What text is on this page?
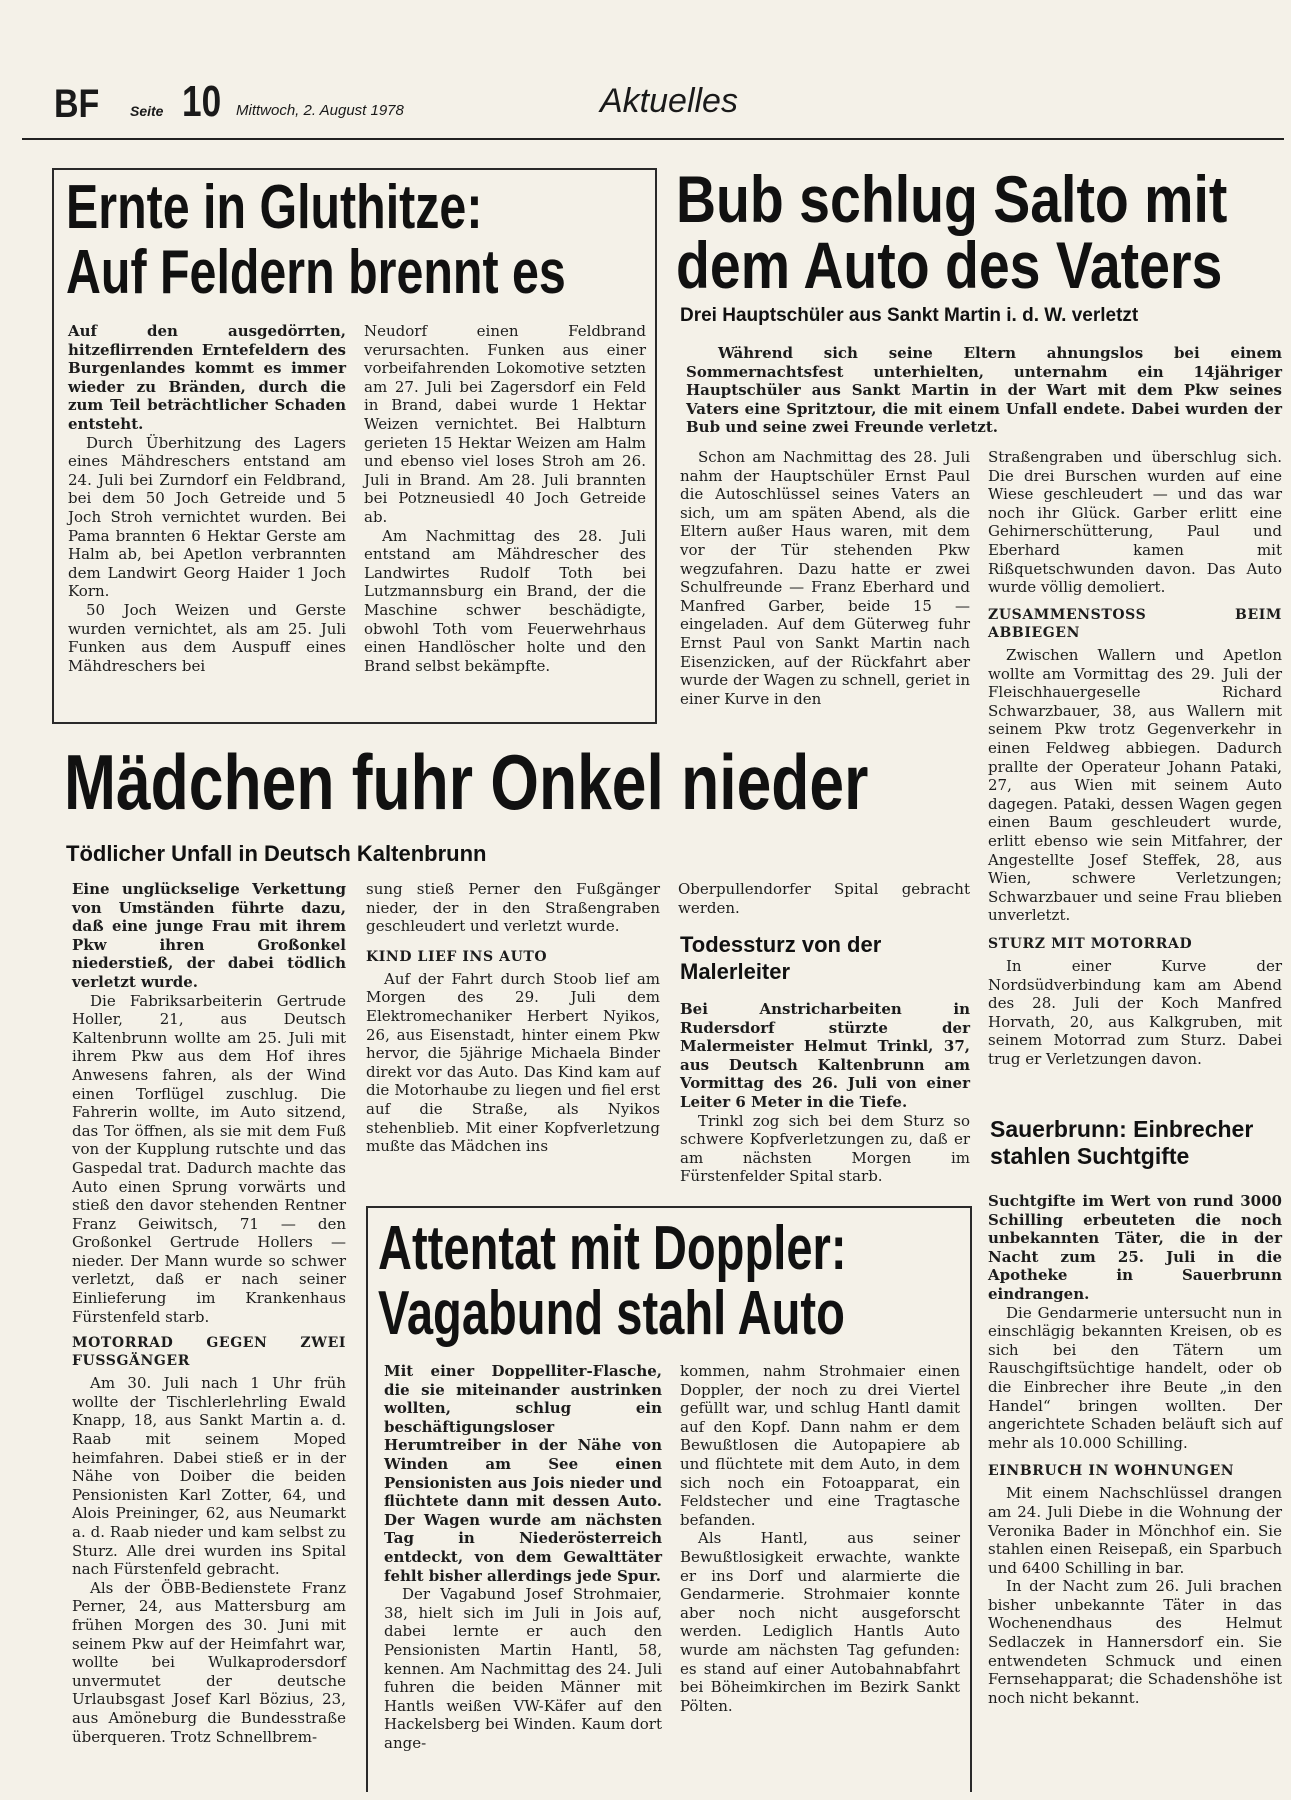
BF Seite 10 Mittwoch, 2. August 1978	Aktuelles
Ernte in Gluthitze:
Auf Feldern brennt es

Auf den ausgedörrten, hitzeflirrenden Erntefeldern des Burgenlandes kommt es immer wieder zu Bränden, durch die zum Teil beträchtlicher Schaden entsteht.

Durch Überhitzung des Lagers eines Mähdreschers entstand am 24. Juli bei Zurndorf ein Feldbrand, bei dem 50 Joch Getreide und 5 Joch Stroh vernichtet wurden. Bei Pama brannten 6 Hektar Gerste am Halm ab, bei Apetlon verbrannten dem Landwirt Georg Haider 1 Joch Korn.

50 Joch Weizen und Gerste wurden vernichtet, als am 25. Juli Funken aus dem Auspuff eines Mähdreschers bei

Neudorf einen Feldbrand verursachten. Funken aus einer vorbeifahrenden Lokomotive setzten am 27. Juli bei Zagersdorf ein Feld in Brand, dabei wurde 1 Hektar Weizen vernichtet. Bei Halbturn gerieten 15 Hektar Weizen am Halm und ebenso viel loses Stroh am 26. Juli in Brand. Am 28. Juli brannten bei Potzneusiedl 40 Joch Getreide ab.

Am Nachmittag des 28. Juli entstand am Mähdrescher des Landwirtes Rudolf Toth bei Lutzmannsburg ein Brand, der die Maschine schwer beschädigte, obwohl Toth vom Feuerwehrhaus einen Handlöscher holte und den Brand selbst bekämpfte.

Bub schlug Salto mit
dem Auto des Vaters
Drei Hauptschüler aus Sankt Martin i. d. W. verletzt

Während sich seine Eltern ahnungslos bei einem Sommernachtsfest unterhielten, unternahm ein 14jähriger Hauptschüler aus Sankt Martin in der Wart mit dem Pkw seines Vaters eine Spritztour, die mit einem Unfall endete. Dabei wurden der Bub und seine zwei Freunde verletzt.

Schon am Nachmittag des 28. Juli nahm der Hauptschüler Ernst Paul die Autoschlüssel seines Vaters an sich, um am späten Abend, als die Eltern außer Haus waren, mit dem vor der Tür stehenden Pkw wegzufahren. Dazu hatte er zwei Schulfreunde — Franz Eberhard und Manfred Garber, beide 15 — eingeladen. Auf dem Güterweg fuhr Ernst Paul von Sankt Martin nach Eisenzicken, auf der Rückfahrt aber wurde der Wagen zu schnell, geriet in einer Kurve in den

Straßengraben und überschlug sich. Die drei Burschen wurden auf eine Wiese geschleudert — und das war noch ihr Glück. Garber erlitt eine Gehirnerschütterung, Paul und Eberhard kamen mit Rißquetschwunden davon. Das Auto wurde völlig demoliert.

ZUSAMMENSTOSS BEIM ABBIEGEN

Zwischen Wallern und Apetlon wollte am Vormittag des 29. Juli der Fleischhauergeselle Richard Schwarzbauer, 38, aus Wallern mit seinem Pkw trotz Gegenverkehr in einen Feldweg abbiegen. Dadurch prallte der Operateur Johann Pataki, 27, aus Wien mit seinem Auto dagegen. Pataki, dessen Wagen gegen einen Baum geschleudert wurde, erlitt ebenso wie sein Mitfahrer, der Angestellte Josef Steffek, 28, aus Wien, schwere Verletzungen; Schwarzbauer und seine Frau blieben unverletzt.

STURZ MIT MOTORRAD

In einer Kurve der Nordsüdverbindung kam am Abend des 28. Juli der Koch Manfred Horvath, 20, aus Kalkgruben, mit seinem Motorrad zum Sturz. Dabei trug er Verletzungen davon.

Sauerbrunn: Einbrecher stahlen Suchtgifte

Suchtgifte im Wert von rund 3000 Schilling erbeuteten die noch unbekannten Täter, die in der Nacht zum 25. Juli in die Apotheke in Sauerbrunn eindrangen.

Die Gendarmerie untersucht nun in einschlägig bekannten Kreisen, ob es sich bei den Tätern um Rauschgiftsüchtige handelt, oder ob die Einbrecher ihre Beute „in den Handel“ bringen wollten. Der angerichtete Schaden beläuft sich auf mehr als 10.000 Schilling.

EINBRUCH IN WOHNUNGEN

Mit einem Nachschlüssel drangen am 24. Juli Diebe in die Wohnung der Veronika Bader in Mönchhof ein. Sie stahlen einen Reisepaß, ein Sparbuch und 6400 Schilling in bar.

In der Nacht zum 26. Juli brachen bisher unbekannte Täter in das Wochenendhaus des Helmut Sedlaczek in Hannersdorf ein. Sie entwendeten Schmuck und einen Fernsehapparat; die Schadenshöhe ist noch nicht bekannt.

Mädchen fuhr Onkel nieder
Tödlicher Unfall in Deutsch Kaltenbrunn

Eine unglückselige Verkettung von Umständen führte dazu, daß eine junge Frau mit ihrem Pkw ihren Großonkel niederstieß, der dabei tödlich verletzt wurde.

Die Fabriksarbeiterin Gertrude Holler, 21, aus Deutsch Kaltenbrunn wollte am 25. Juli mit ihrem Pkw aus dem Hof ihres Anwesens fahren, als der Wind einen Torflügel zuschlug. Die Fahrerin wollte, im Auto sitzend, das Tor öffnen, als sie mit dem Fuß von der Kupplung rutschte und das Gaspedal trat. Dadurch machte das Auto einen Sprung vorwärts und stieß den davor stehenden Rentner Franz Geiwitsch, 71 — den Großonkel Gertrude Hollers — nieder. Der Mann wurde so schwer verletzt, daß er nach seiner Einlieferung im Krankenhaus Fürstenfeld starb.

MOTORRAD GEGEN ZWEI FUSSGÄNGER

Am 30. Juli nach 1 Uhr früh wollte der Tischlerlehrling Ewald Knapp, 18, aus Sankt Martin a. d. Raab mit seinem Moped heimfahren. Dabei stieß er in der Nähe von Doiber die beiden Pensionisten Karl Zotter, 64, und Alois Preininger, 62, aus Neumarkt a. d. Raab nieder und kam selbst zu Sturz. Alle drei wurden ins Spital nach Fürstenfeld gebracht.

Als der ÖBB-Bedienstete Franz Perner, 24, aus Mattersburg am frühen Morgen des 30. Juni mit seinem Pkw auf der Heimfahrt war, wollte bei Wulkaprodersdorf unvermutet der deutsche Urlaubsgast Josef Karl Bözius, 23, aus Amöneburg die Bundesstraße überqueren. Trotz Schnellbrem-

sung stieß Perner den Fußgänger nieder, der in den Straßengraben geschleudert und verletzt wurde.

KIND LIEF INS AUTO

Auf der Fahrt durch Stoob lief am Morgen des 29. Juli dem Elektromechaniker Herbert Nyikos, 26, aus Eisenstadt, hinter einem Pkw hervor, die 5jährige Michaela Binder direkt vor das Auto. Das Kind kam auf die Motorhaube zu liegen und fiel erst auf die Straße, als Nyikos stehenblieb. Mit einer Kopfverletzung mußte das Mädchen ins

Oberpullendorfer Spital gebracht werden.

Todessturz von der Malerleiter

Bei Anstricharbeiten in Rudersdorf stürzte der Malermeister Helmut Trinkl, 37, aus Deutsch Kaltenbrunn am Vormittag des 26. Juli von einer Leiter 6 Meter in die Tiefe.

Trinkl zog sich bei dem Sturz so schwere Kopfverletzungen zu, daß er am nächsten Morgen im Fürstenfelder Spital starb.

Attentat mit Doppler:
Vagabund stahl Auto

Mit einer Doppelliter-Flasche, die sie miteinander austrinken wollten, schlug ein beschäftigungsloser Herumtreiber in der Nähe von Winden am See einen Pensionisten aus Jois nieder und flüchtete dann mit dessen Auto. Der Wagen wurde am nächsten Tag in Niederösterreich entdeckt, von dem Gewalttäter fehlt bisher allerdings jede Spur.

Der Vagabund Josef Strohmaier, 38, hielt sich im Juli in Jois auf, dabei lernte er auch den Pensionisten Martin Hantl, 58, kennen. Am Nachmittag des 24. Juli fuhren die beiden Männer mit Hantls weißen VW-Käfer auf den Hackelsberg bei Winden. Kaum dort ange-

kommen, nahm Strohmaier einen Doppler, der noch zu drei Viertel gefüllt war, und schlug Hantl damit auf den Kopf. Dann nahm er dem Bewußtlosen die Autopapiere ab und flüchtete mit dem Auto, in dem sich noch ein Fotoapparat, ein Feldstecher und eine Tragtasche befanden.

Als Hantl, aus seiner Bewußtlosigkeit erwachte, wankte er ins Dorf und alarmierte die Gendarmerie. Strohmaier konnte aber noch nicht ausgeforscht werden. Lediglich Hantls Auto wurde am nächsten Tag gefunden: es stand auf einer Autobahnabfahrt bei Böheimkirchen im Bezirk Sankt Pölten.
